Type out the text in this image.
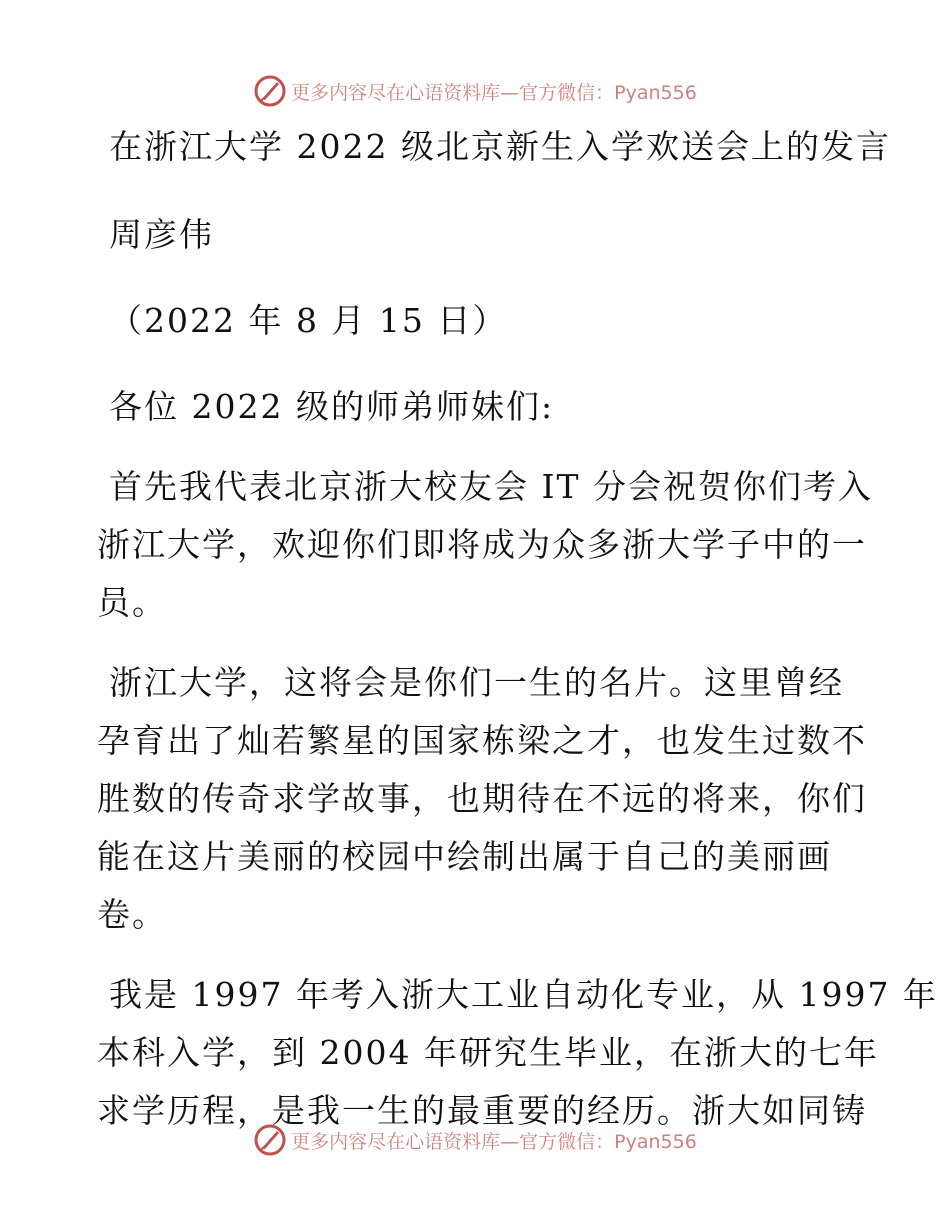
更多内容尽在心语资料库—官方微信：Pyan556
在浙江大学 2022 级北京新生入学欢送会上的发言
周彦伟
（2022 年 8 月 15 日）
各位 2022 级的师弟师妹们:
首先我代表北京浙大校友会 IT 分会祝贺你们考入
浙江大学，欢迎你们即将成为众多浙大学子中的一
员。
浙江大学，这将会是你们一生的名片。这里曾经
孕育出了灿若繁星的国家栋梁之才，也发生过数不
胜数的传奇求学故事，也期待在不远的将来，你们
能在这片美丽的校园中绘制出属于自己的美丽画
卷。
我是 1997 年考入浙大工业自动化专业，从 1997 年
本科入学，到 2004 年研究生毕业，在浙大的七年
求学历程，是我一生的最重要的经历。浙大如同铸
更多内容尽在心语资料库—官方微信：Pyan556
